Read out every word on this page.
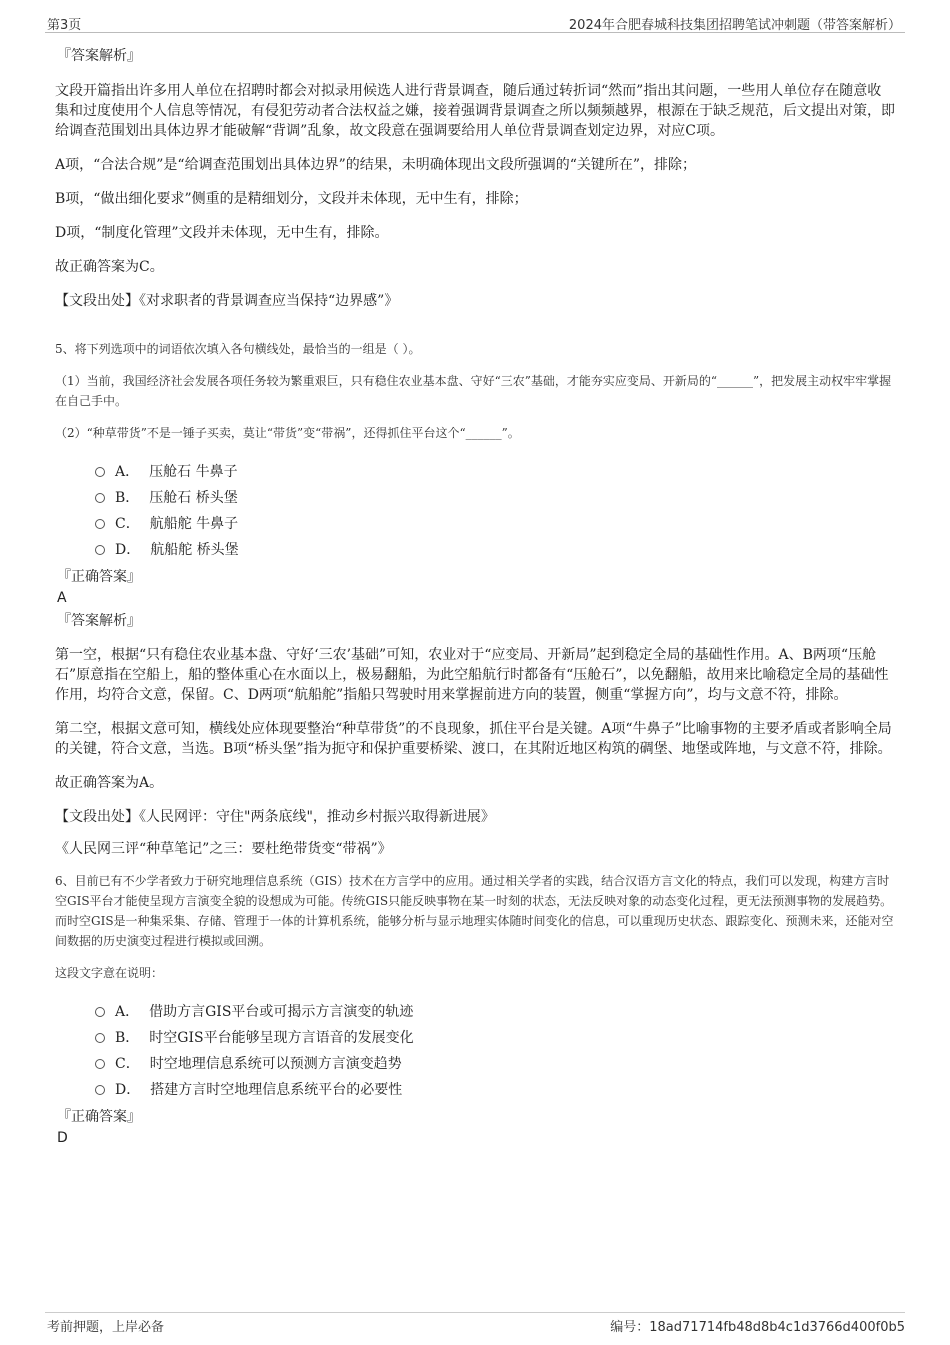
第3页	2024年合肥春城科技集团招聘笔试冲刺题（带答案解析）
『答案解析』

文段开篇指出许多用人单位在招聘时都会对拟录用候选人进行背景调查，随后通过转折词“然而”指出其问题，一些用人单位存在随意收集和过度使用个人信息等情况，有侵犯劳动者合法权益之嫌，接着强调背景调查之所以频频越界，根源在于缺乏规范，后文提出对策，即给调查范围划出具体边界才能破解“背调”乱象，故文段意在强调要给用人单位背景调查划定边界，对应C项。

A项，“合法合规”是“给调查范围划出具体边界”的结果，未明确体现出文段所强调的“关键所在”，排除；

B项，“做出细化要求”侧重的是精细划分，文段并未体现，无中生有，排除；

D项，“制度化管理”文段并未体现，无中生有，排除。

故正确答案为C。

【文段出处】《对求职者的背景调查应当保持“边界感”》

5、将下列选项中的词语依次填入各句横线处，最恰当的一组是（ ）。

（1）当前，我国经济社会发展各项任务较为繁重艰巨，只有稳住农业基本盘、守好“三农”基础，才能夯实应变局、开新局的“______”，把发展主动权牢牢掌握在自己手中。

（2）“种草带货”不是一锤子买卖，莫让“带货”变“带祸”，还得抓住平台这个“______”。

A． 压舱石 牛鼻子
B． 压舱石 桥头堡
C． 航船舵 牛鼻子
D． 航船舵 桥头堡
『正确答案』
A
『答案解析』

第一空，根据“只有稳住农业基本盘、守好‘三农’基础”可知，农业对于“应变局、开新局”起到稳定全局的基础性作用。A、B两项“压舱石”原意指在空船上，船的整体重心在水面以上，极易翻船，为此空船航行时都备有“压舱石”，以免翻船，故用来比喻稳定全局的基础性作用，均符合文意，保留。C、D两项“航船舵”指船只驾驶时用来掌握前进方向的装置，侧重“掌握方向”，均与文意不符，排除。

第二空，根据文意可知，横线处应体现要整治“种草带货”的不良现象，抓住平台是关键。A项“牛鼻子”比喻事物的主要矛盾或者影响全局的关键，符合文意，当选。B项“桥头堡”指为扼守和保护重要桥梁、渡口，在其附近地区构筑的碉堡、地堡或阵地，与文意不符，排除。

故正确答案为A。

【文段出处】《人民网评：守住"两条底线"，推动乡村振兴取得新进展》

《人民网三评“种草笔记”之三：要杜绝带货变“带祸”》

6、目前已有不少学者致力于研究地理信息系统（GIS）技术在方言学中的应用。通过相关学者的实践，结合汉语方言文化的特点，我们可以发现，构建方言时空GIS平台才能使呈现方言演变全貌的设想成为可能。传统GIS只能反映事物在某一时刻的状态，无法反映对象的动态变化过程，更无法预测事物的发展趋势。而时空GIS是一种集采集、存储、管理于一体的计算机系统，能够分析与显示地理实体随时间变化的信息，可以重现历史状态、跟踪变化、预测未来，还能对空间数据的历史演变过程进行模拟或回溯。

这段文字意在说明：

A． 借助方言GIS平台或可揭示方言演变的轨迹
B． 时空GIS平台能够呈现方言语音的发展变化
C． 时空地理信息系统可以预测方言演变趋势
D． 搭建方言时空地理信息系统平台的必要性
『正确答案』
D
考前押题，上岸必备	编号：18ad71714fb48d8b4c1d3766d400f0b5
